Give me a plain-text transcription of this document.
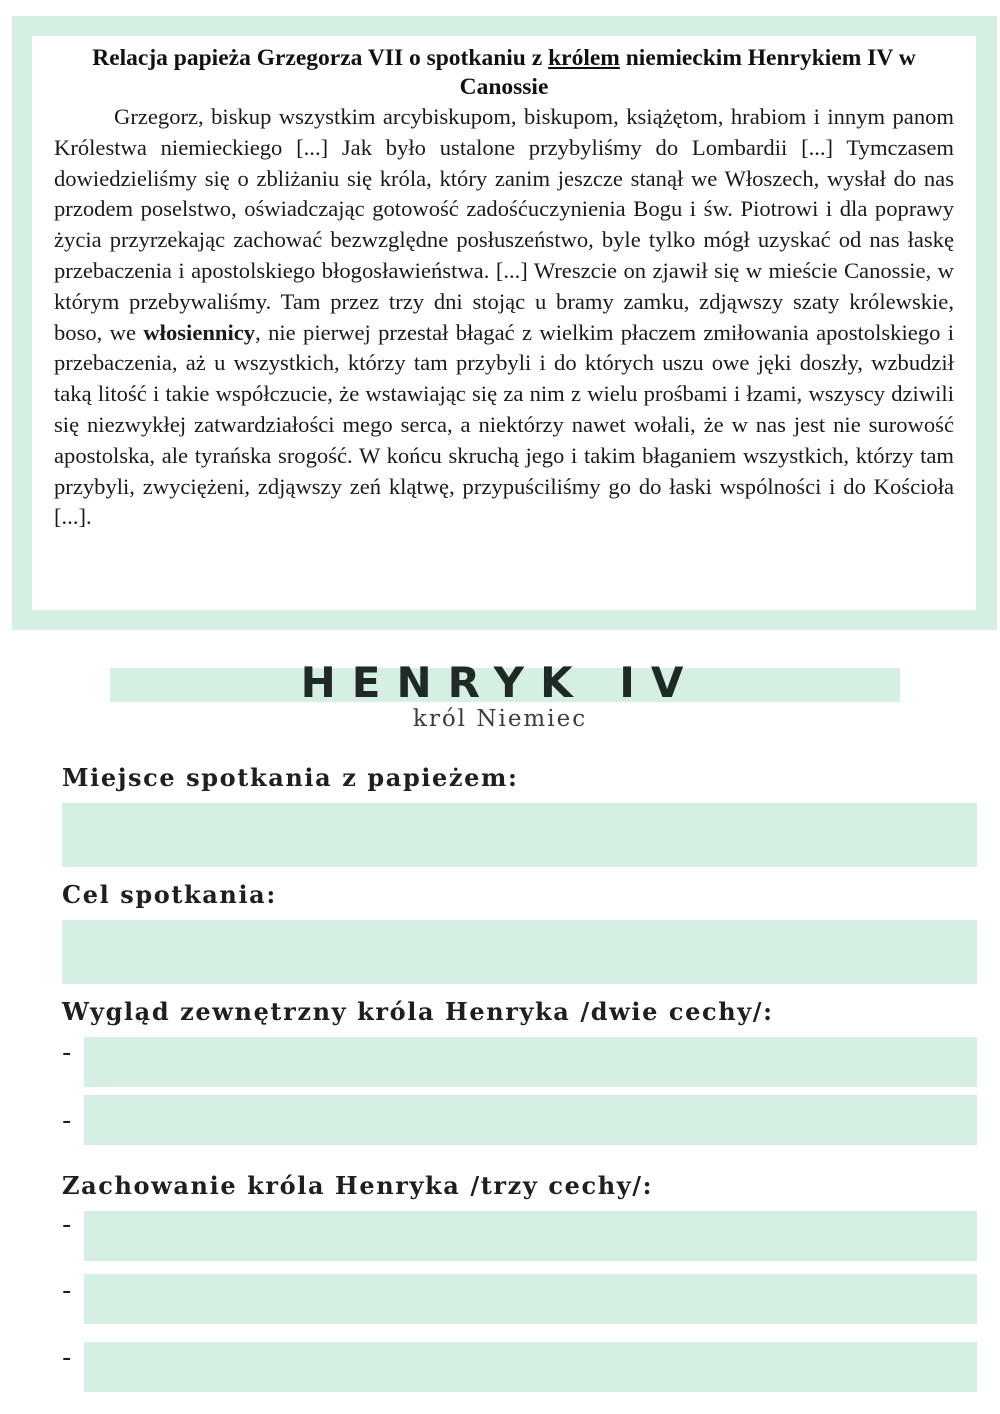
Relacja papieża Grzegorza VII o spotkaniu z królem niemieckim Henrykiem IV w Canossie
Grzegorz, biskup wszystkim arcybiskupom, biskupom, książętom, hrabiom i innym panom Królestwa niemieckiego [...] Jak było ustalone przybyliśmy do Lombardii [...] Tymczasem dowiedzieliśmy się o zbliżaniu się króla, który zanim jeszcze stanął we Włoszech, wysłał do nas przodem poselstwo, oświadczając gotowość zadośćuczynienia Bogu i św. Piotrowi i dla poprawy życia przyrzekając zachować bezwzględne posłuszeństwo, byle tylko mógł uzyskać od nas łaskę przebaczenia i apostolskiego błogosławieństwa. [...] Wreszcie on zjawił się w mieście Canossie, w którym przebywaliśmy. Tam przez trzy dni stojąc u bramy zamku, zdjąwszy szaty królewskie, boso, we włosiennicy, nie pierwej przestał błagać z wielkim płaczem zmiłowania apostolskiego i przebaczenia, aż u wszystkich, którzy tam przybyli i do których uszu owe jęki doszły, wzbudził taką litość i takie współczucie, że wstawiając się za nim z wielu prośbami i łzami, wszyscy dziwili się niezwykłej zatwardziałości mego serca, a niektórzy nawet wołali, że w nas jest nie surowość apostolska, ale tyrańska srogość. W końcu skruchą jego i takim błaganiem wszystkich, którzy tam przybyli, zwyciężeni, zdjąwszy zeń klątwę, przypuściliśmy go do łaski wspólności i do Kościoła [...].
HENRYK IV
król Niemiec
Miejsce spotkania z papieżem:
Cel spotkania:
Wygląd zewnętrzny króla Henryka /dwie cechy/:
-
-
Zachowanie króla Henryka /trzy cechy/:
-
-
-
